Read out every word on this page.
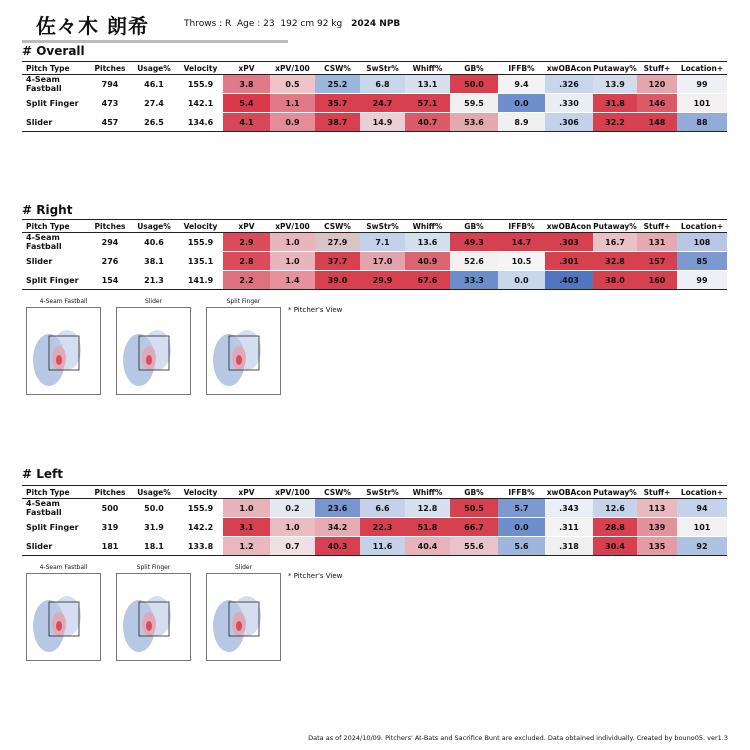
佐々木 朗希	Throws : R Age : 23 192 cm 92 kg 2024 NPB
# Overall
Pitch Type	Pitches	Usage%	Velocity	xPV	xPV/100	CSW%	SwStr%	Whiff%	GB%	IFFB%	xwOBAcon	Putaway%	Stuff+	Location+
4-Seam Fastball	794	46.1	155.9	3.8	0.5	25.2	6.8	13.1	50.0	9.4	.326	13.9	120	99
Split Finger	473	27.4	142.1	5.4	1.1	35.7	24.7	57.1	59.5	0.0	.330	31.8	146	101
Slider	457	26.5	134.6	4.1	0.9	38.7	14.9	40.7	53.6	8.9	.306	32.2	148	88
# Right
Pitch Type	Pitches	Usage%	Velocity	xPV	xPV/100	CSW%	SwStr%	Whiff%	GB%	IFFB%	xwOBAcon	Putaway%	Stuff+	Location+
4-Seam Fastball	294	40.6	155.9	2.9	1.0	27.9	7.1	13.6	49.3	14.7	.303	16.7	131	108
Slider	276	38.1	135.1	2.8	1.0	37.7	17.0	40.9	52.6	10.5	.301	32.8	157	85
Split Finger	154	21.3	141.9	2.2	1.4	39.0	29.9	67.6	33.3	0.0	.403	38.0	160	99
4-Seam Fastball	Slider	Split Finger
* Pitcher's View
# Left
Pitch Type	Pitches	Usage%	Velocity	xPV	xPV/100	CSW%	SwStr%	Whiff%	GB%	IFFB%	xwOBAcon	Putaway%	Stuff+	Location+
4-Seam Fastball	500	50.0	155.9	1.0	0.2	23.6	6.6	12.8	50.5	5.7	.343	12.6	113	94
Split Finger	319	31.9	142.2	3.1	1.0	34.2	22.3	51.8	66.7	0.0	.311	28.8	139	101
Slider	181	18.1	133.8	1.2	0.7	40.3	11.6	40.4	55.6	5.6	.318	30.4	135	92
4-Seam Fastball	Split Finger	Slider
* Pitcher's View
Data as of 2024/10/09. Pitchers' At-Bats and Sacrifice Bunt are excluded. Data obtained individually. Created by bouno05. ver1.3
